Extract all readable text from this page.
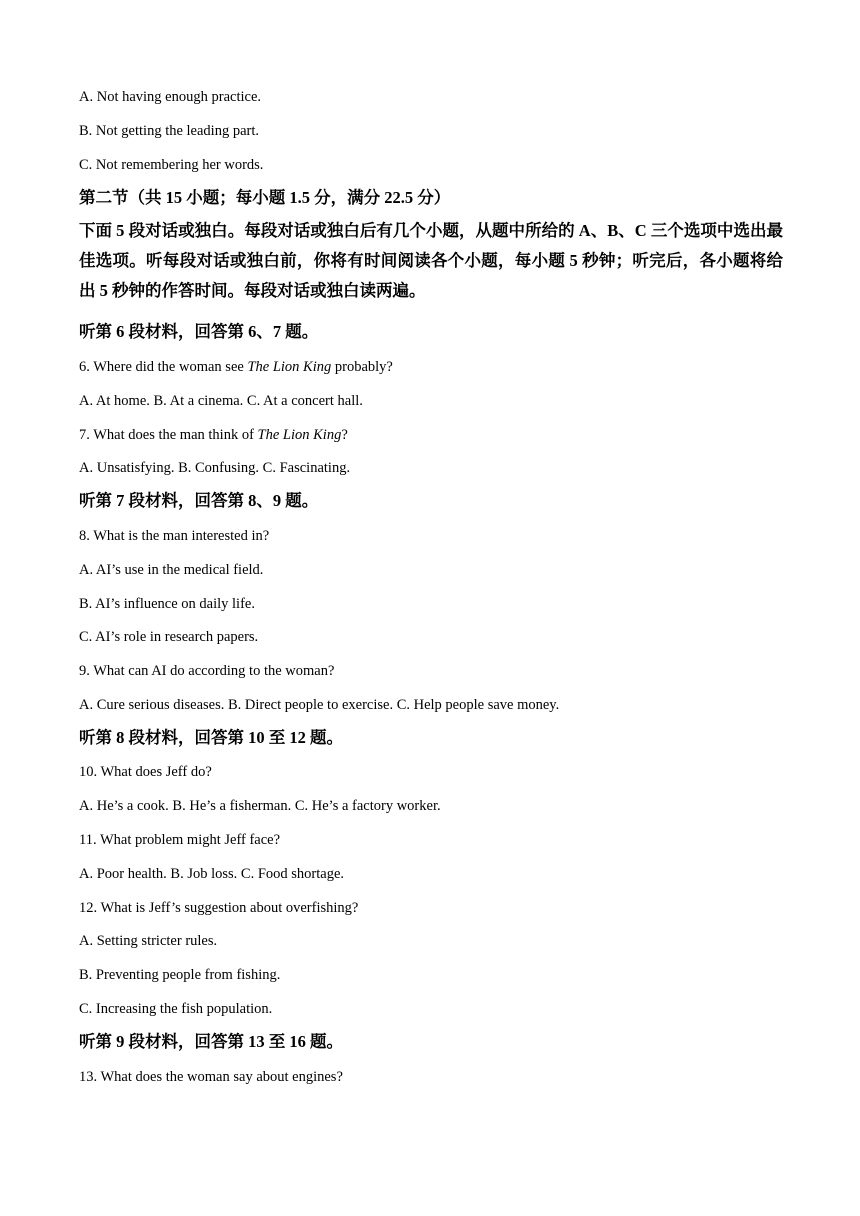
A. Not having enough practice.
B. Not getting the leading part.
C. Not remembering her words.
第二节（共 15 小题；每小题 1.5 分，满分 22.5 分）
下面 5 段对话或独白。每段对话或独白后有几个小题，从题中所给的 A、B、C 三个选项中选出最佳选项。听每段对话或独白前，你将有时间阅读各个小题，每小题 5 秒钟；听完后，各小题将给出 5 秒钟的作答时间。每段对话或独白读两遍。
听第 6 段材料，回答第 6、7 题。
6. Where did the woman see The Lion King probably?
A. At home. B. At a cinema. C. At a concert hall.
7. What does the man think of The Lion King?
A. Unsatisfying. B. Confusing. C. Fascinating.
听第 7 段材料，回答第 8、9 题。
8. What is the man interested in?
A. AI’s use in the medical field.
B. AI’s influence on daily life.
C. AI’s role in research papers.
9. What can AI do according to the woman?
A. Cure serious diseases. B. Direct people to exercise. C. Help people save money.
听第 8 段材料，回答第 10 至 12 题。
10. What does Jeff do?
A. He’s a cook. B. He’s a fisherman. C. He’s a factory worker.
11. What problem might Jeff face?
A. Poor health. B. Job loss. C. Food shortage.
12. What is Jeff’s suggestion about overfishing?
A. Setting stricter rules.
B. Preventing people from fishing.
C. Increasing the fish population.
听第 9 段材料，回答第 13 至 16 题。
13. What does the woman say about engines?
